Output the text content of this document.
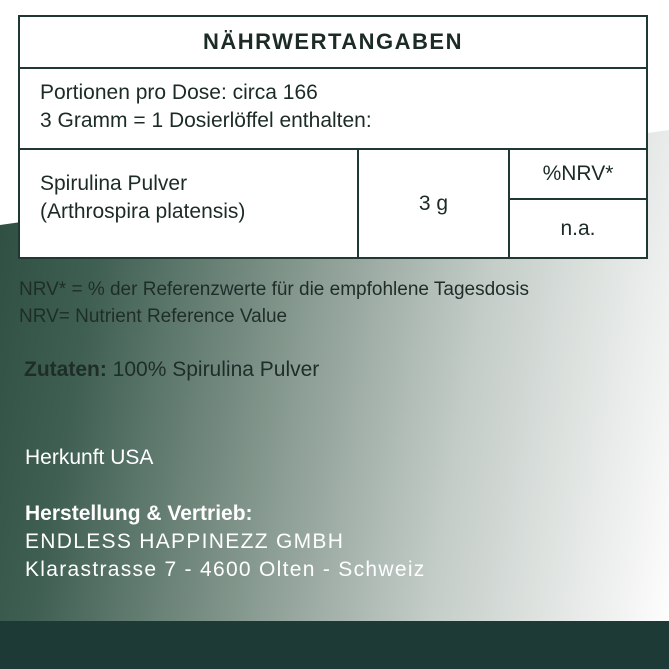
NÄHRWERTANGABEN
Portionen pro Dose: circa 166
3 Gramm = 1 Dosierlöffel enthalten:
Spirulina Pulver
(Arthrospira platensis)	3 g
%NRV*
n.a.
NRV* = % der Referenzwerte für die empfohlene Tagesdosis
NRV= Nutrient Reference Value
Zutaten: 100% Spirulina Pulver
Herkunft USA
Herstellung & Vertrieb:
ENDLESS HAPPINEZZ GMBH
Klarastrasse 7 - 4600 Olten - Schweiz
